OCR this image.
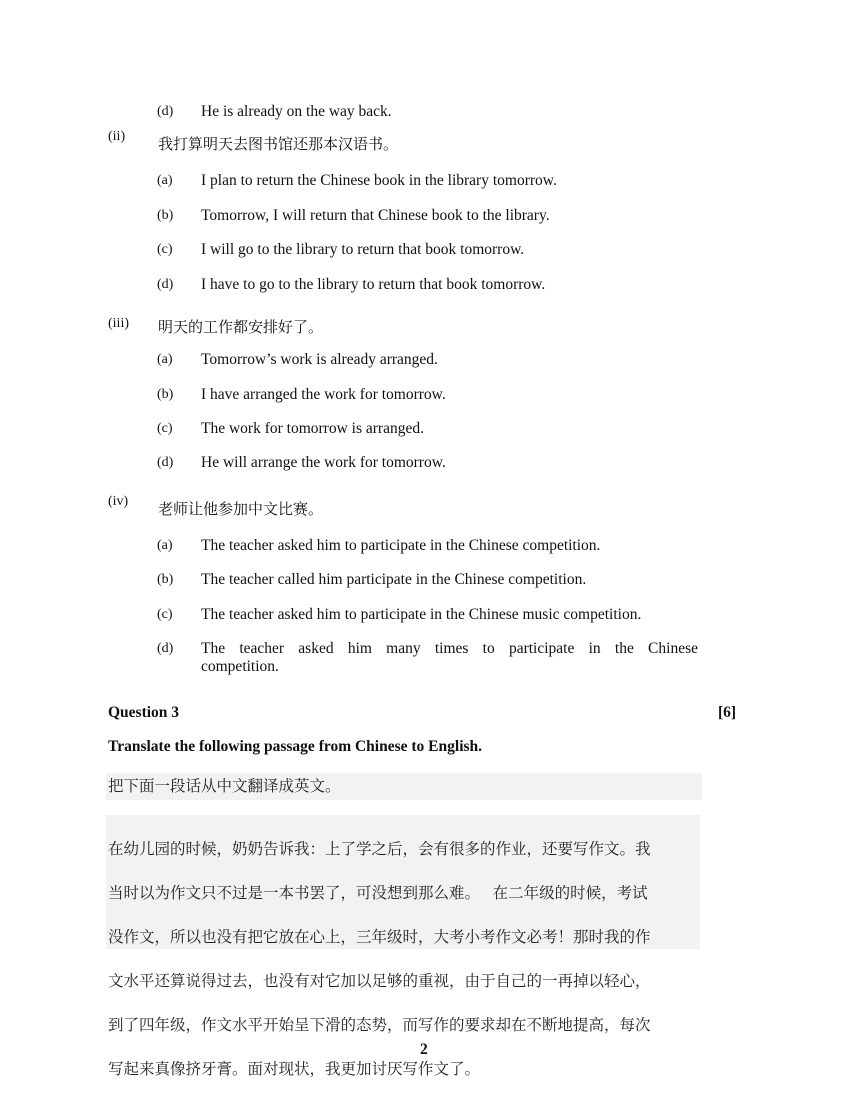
(d) He is already on the way back.
(ii) 我打算明天去图书馆还那本汉语书。
(a) I plan to return the Chinese book in the library tomorrow.
(b) Tomorrow, I will return that Chinese book to the library.
(c) I will go to the library to return that book tomorrow.
(d) I have to go to the library to return that book tomorrow.
(iii) 明天的工作都安排好了。
(a) Tomorrow’s work is already arranged.
(b) I have arranged the work for tomorrow.
(c) The work for tomorrow is arranged.
(d) He will arrange the work for tomorrow.
(iv) 老师让他参加中文比赛。
(a) The teacher asked him to participate in the Chinese competition.
(b) The teacher called him participate in the Chinese competition.
(c) The teacher asked him to participate in the Chinese music competition.
(d) The teacher asked him many times to participate in the Chinese
competition.
Question 3	[6]
Translate the following passage from Chinese to English.
把下面一段话从中文翻译成英文。

在幼儿园的时候，奶奶告诉我：上了学之后，会有很多的作业，还要写作文。我

当时以为作文只不过是一本书罢了，可没想到那么难。　 在二年级的时候，考试

没作文，所以也没有把它放在心上，三年级时，大考小考作文必考！那时我的作

文水平还算说得过去，也没有对它加以足够的重视，由于自己的一再掉以轻心，

到了四年级，作文水平开始呈下滑的态势，而写作的要求却在不断地提高，每次

写起来真像挤牙膏。面对现状，我更加讨厌写作文了。

2
